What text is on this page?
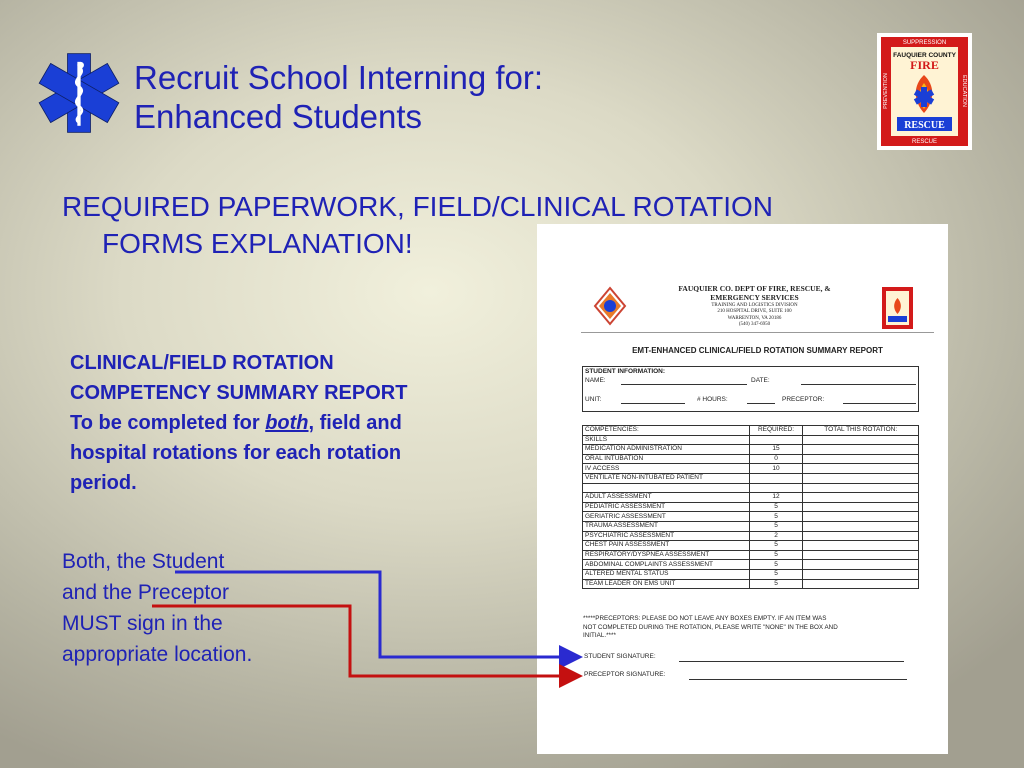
Recruit School Interning for:
Enhanced Students
SUPPRESSION
RESCUE
PREVENTION	EDUCATION
FAUQUIER COUNTY
FIRE
RESCUE
REQUIRED PAPERWORK, FIELD/CLINICAL ROTATION
FORMS EXPLANATION!
CLINICAL/FIELD ROTATION
COMPETENCY SUMMARY REPORT
To be completed for both, field and
hospital rotations for each rotation
period.
Both, the Student
and the Preceptor
MUST sign in the
appropriate location.
FAUQUIER CO. DEPT OF FIRE, RESCUE, &
EMERGENCY SERVICES
TRAINING AND LOGISTICS DIVISION
210 HOSPITAL DRIVE, SUITE 100
WARRENTON, VA 20186
(540) 347-6950
EMT-ENHANCED CLINICAL/FIELD ROTATION SUMMARY REPORT
STUDENT INFORMATION:
NAME:	DATE:
UNIT:	# HOURS:	PRECEPTOR:
COMPETENCIES:	REQUIRED:	TOTAL THIS ROTATION:
SKILLS		
MEDICATION ADMINISTRATION	15	
ORAL INTUBATION	0	
IV ACCESS	10	
VENTILATE NON-INTUBATED PATIENT		

ADULT ASSESSMENT	12	
PEDIATRIC ASSESSMENT	5	
GERIATRIC ASSESSMENT	5	
TRAUMA ASSESSMENT	5	
PSYCHIATRIC ASSESSMENT	2	
CHEST PAIN ASSESSMENT	5	
RESPIRATORY/DYSPNEA ASSESSMENT	5	
ABDOMINAL COMPLAINTS ASSESSMENT	5	
ALTERED MENTAL STATUS	5	
TEAM LEADER ON EMS UNIT	5	
*****PRECEPTORS: PLEASE DO NOT LEAVE ANY BOXES EMPTY. IF AN ITEM WAS
NOT COMPLETED DURING THE ROTATION, PLEASE WRITE "NONE" IN THE BOX AND
INITIAL.****
STUDENT SIGNATURE:
PRECEPTOR SIGNATURE:
